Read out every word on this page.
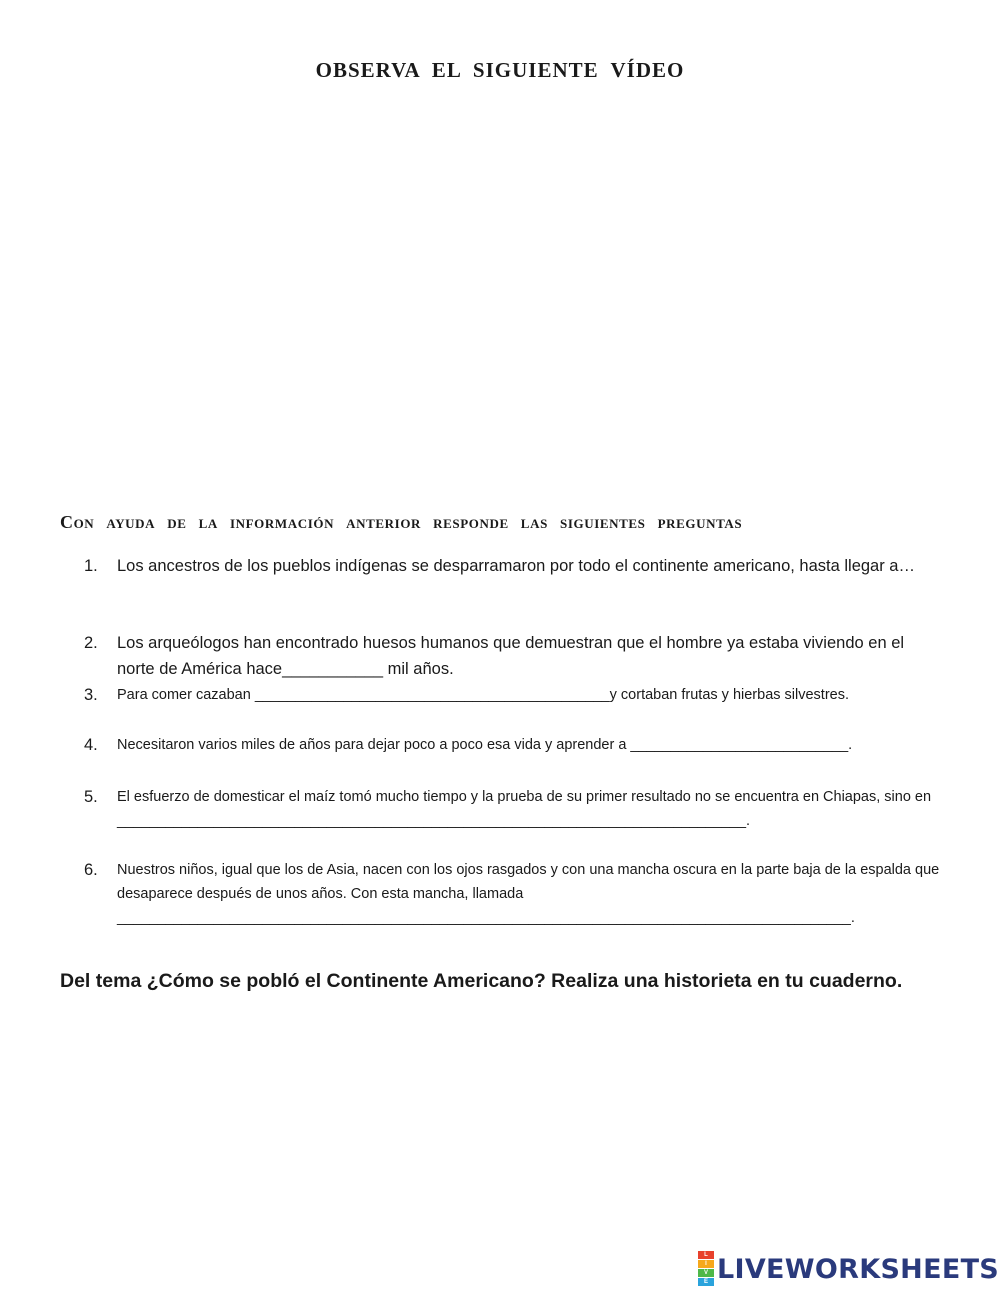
OBSERVA EL SIGUIENTE VÍDEO
Con ayuda de la información anterior responde las siguientes preguntas
1.	Los ancestros de los pueblos indígenas se desparramaron por todo el continente americano, hasta llegar a…
2.	Los arqueólogos han encontrado huesos humanos que demuestran que el hombre ya estaba viviendo en el norte de América hace___________ mil años.
3.	Para comer cazaban ____________________________________________y cortaban frutas y hierbas silvestres.
4.	Necesitaron varios miles de años para dejar poco a poco esa vida y aprender a ___________________________.
5.	El esfuerzo de domesticar el maíz tomó mucho tiempo y la prueba de su primer resultado no se encuentra en Chiapas, sino en ______________________________________________________________________________.
6.	Nuestros niños, igual que los de Asia, nacen con los ojos rasgados y con una mancha oscura en la parte baja de la espalda que desaparece después de unos años. Con esta mancha, llamada ___________________________________________________________________________________________.

Del tema ¿Cómo se pobló el Continente Americano? Realiza una historieta en tu cuaderno.

L
I
V
E LIVEWORKSHEETS
